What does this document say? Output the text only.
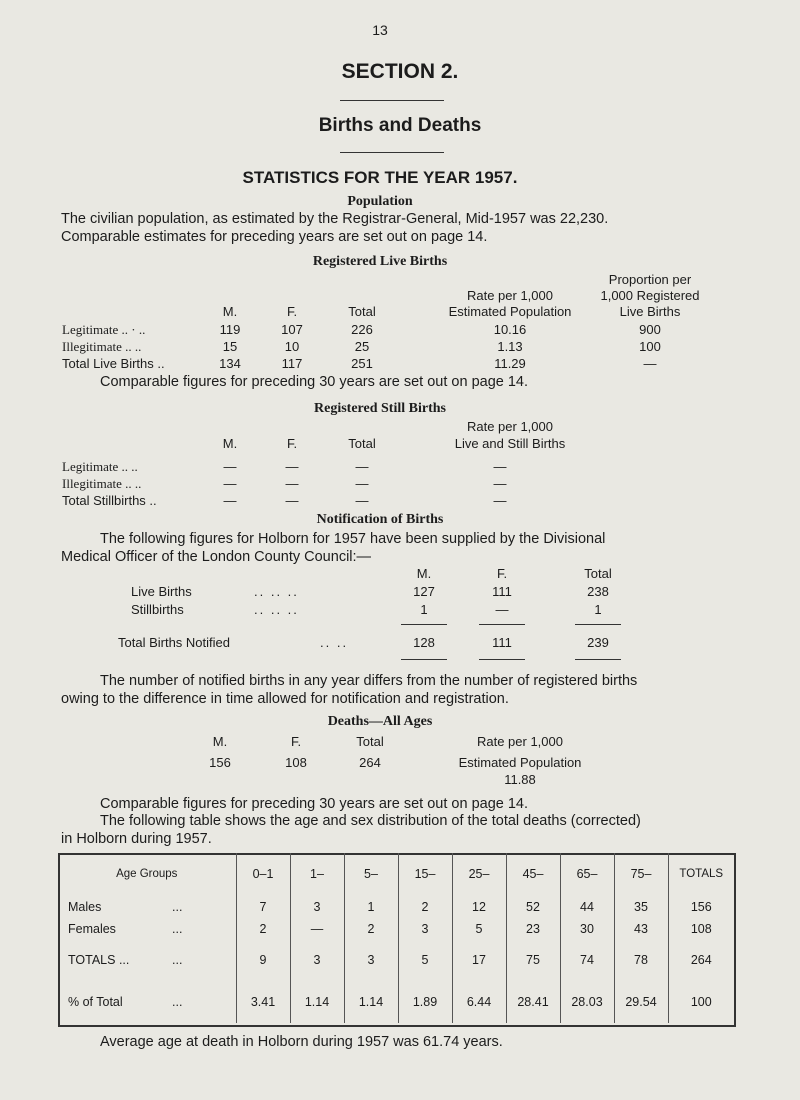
13
SECTION 2.
Births and Deaths
STATISTICS FOR THE YEAR 1957.
Population
The civilian population, as estimated by the Registrar-General, Mid-1957 was 22,230.
Comparable estimates for preceding years are set out on page 14.
Registered Live Births
Proportion per
1,000 Registered
Live Births
Rate per 1,000
Estimated Population
M.	F.	Total
Legitimate .. · ..	119	107	226	10.16	900
Illegitimate .. ..	15	10	25	1.13	100
Total Live Births ..	134	117	251	11.29	—
Comparable figures for preceding 30 years are set out on page 14.
Registered Still Births
Rate per 1,000
Live and Still Births
M.	F.	Total
Legitimate .. ..	—	—	—	—
Illegitimate .. ..	—	—	—	—
Total Stillbirths ..	—	—	—	—
Notification of Births
The following figures for Holborn for 1957 have been supplied by the Divisional
Medical Officer of the London County Council:—
M.	F.	Total
Live Births	.. .. ..	127	111	238
Stillbirths	.. .. ..	1	—	1
Total Births Notified	.. ..	128	111	239
The number of notified births in any year differs from the number of registered births
owing to the difference in time allowed for notification and registration.
Deaths—All Ages
M.	F.	Total	Rate per 1,000
156	108	264	Estimated Population
11.88
Comparable figures for preceding 30 years are set out on page 14.
The following table shows the age and sex distribution of the total deaths (corrected)
in Holborn during 1957.
Age Groups	0–1	1–	5–	15–	25–	45–	65–	75–	TOTALS
Males ...	7	3	1	2	12	52	44	35	156
Females ...	2	—	2	3	5	23	30	43	108
TOTALS ... ...	9	3	3	5	17	75	74	78	264
% of Total ...	3.41	1.14	1.14	1.89	6.44	28.41	28.03	29.54	100
Average age at death in Holborn during 1957 was 61.74 years.
